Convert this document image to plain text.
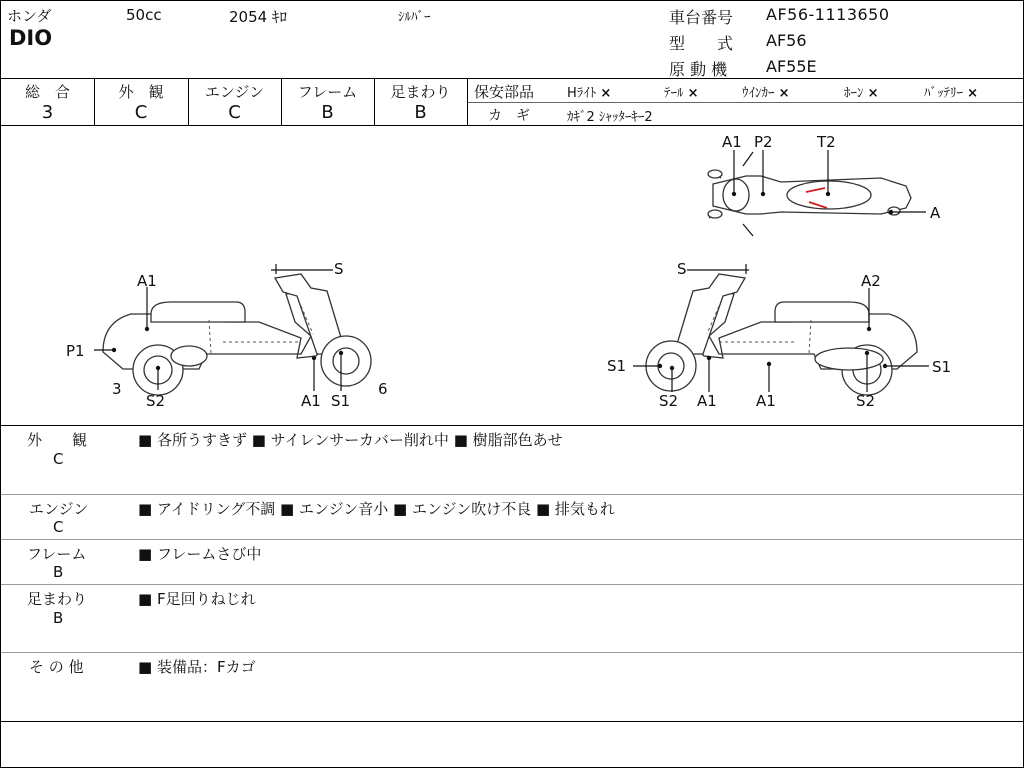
ホンダ
DIO
50cc	2054 ｷﾛ	ｼﾙﾊﾞｰ	車台番号 AF56-1113650
型　　式 AF56
原 動 機 AF55E
総　合	外　観	エンジン	フレーム	足まわり
3	C	C	B	B
保安部品	Hﾗｲﾄ ×	ﾃｰﾙ ×	ｳｲﾝｶｰ ×	ﾎｰﾝ ×	ﾊﾞｯﾃﾘｰ ×
カ　ギ	ｶｷﾞ2 ｼｬｯﾀｰｷｰ2
A1 P2	T2
A
S
A1
P1
3
S2	A1 S1
6
S
A2
S1	S1
S2 A1	A1	S2
外　　観
C
■ 各所うすきず ■ サイレンサーカバー削れ中 ■ 樹脂部色あせ
エンジン
C
■ アイドリング不調 ■ エンジン音小 ■ エンジン吹け不良 ■ 排気もれ
フレーム
B
■ フレームさび中
足まわり
B
■ F足回りねじれ
そ の 他	■ 装備品：Fカゴ
